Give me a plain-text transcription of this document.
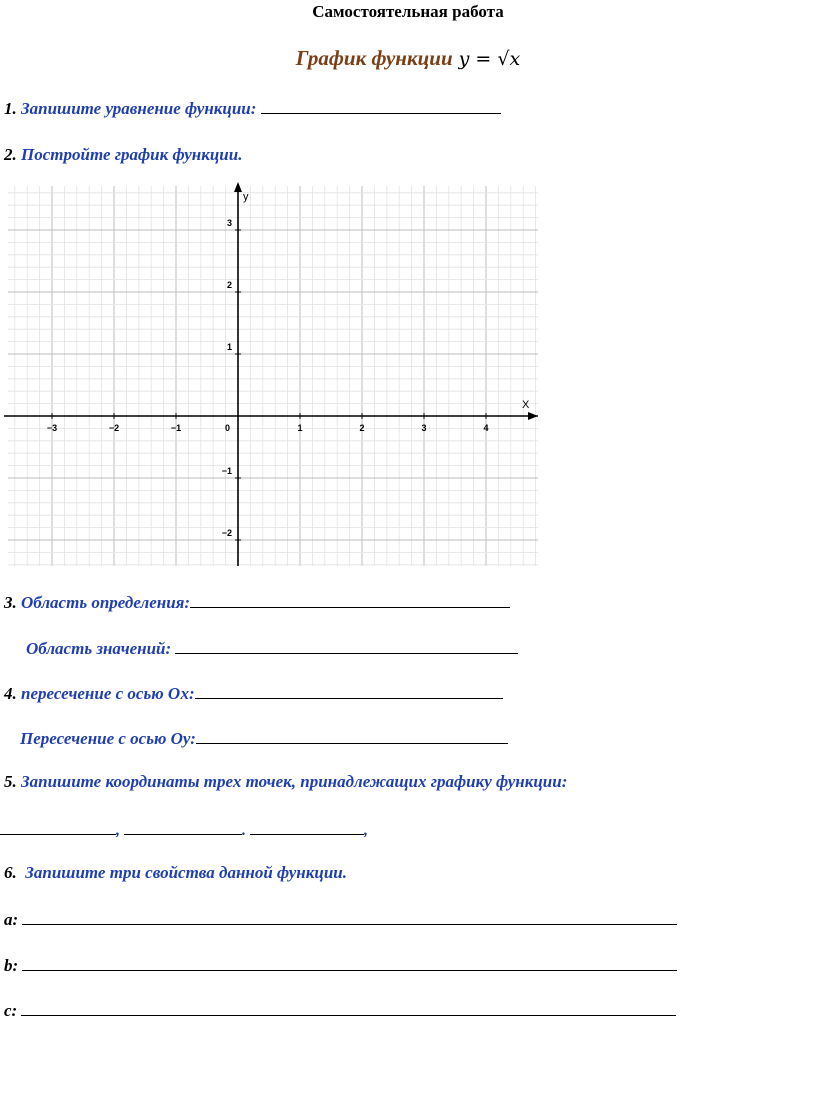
Самостоятельная работа
График функции y = √x
1. Запишите уравнение функции:
2. Постройте график функции.
X
y
0
−3	−2	−1	1	2	3	4
3
2
1
−1
−2
3. Область определения:
Область значений:
4. пересечение с осью Ох:
Пересечение с осью Оу:
5. Запишите координаты трех точек, принадлежащих графику функции:
,	.	,
6. Запишите три свойства данной функции.
a:
b:
c:
